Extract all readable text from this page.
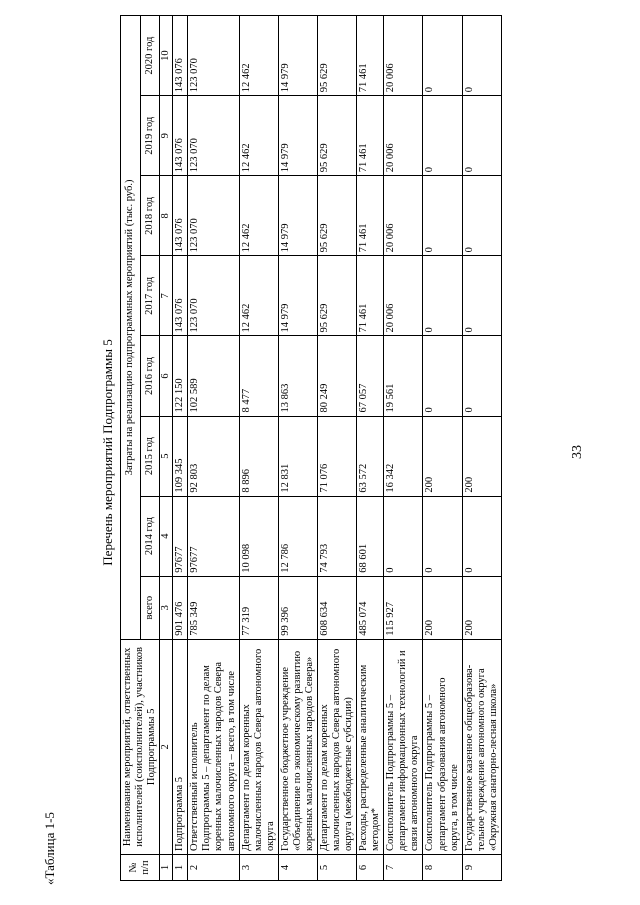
33
«Таблица 1-5
Перечень мероприятий Подпрограммы 5
№ п/п	Наименование мероприятий, ответственных исполнителей (соисполнителей), участников Подпрограммы 5	Затраты на реализацию подпрограммных мероприятий (тыс. руб.)							
		всего	2014 год	2015 год	2016 год	2017 год	2018 год	2019 год	2020 год
1	2	3	4	5	6	7	8	9	10
1	Подпрограмма 5	901 476	97677	109 345	122 150	143 076	143 076	143 076	143 076
2	Ответственный исполнитель Подпрограммы 5 – департамент по делам коренных малочисленных народов Севера автономного округа – всего, в том числе	785 349	97677	92 803	102 589	123 070	123 070	123 070	123 070
3	Департамент по делам коренных малочисленных народов Севера автономного округа	77 319	10 098	8 896	8 477	12 462	12 462	12 462	12 462
4	Государственное бюджетное учреждение «Объединение по экономическому развитию коренных малочисленных народов Севера»	99 396	12 786	12 831	13 863	14 979	14 979	14 979	14 979
5	Департамент по делам коренных малочисленных народов Севера автономного округа (межбюджетные субсидии)	608 634	74 793	71 076	80 249	95 629	95 629	95 629	95 629
6	Расходы, распределенные аналитическим методом*	485 074	68 601	63 572	67 057	71 461	71 461	71 461	71 461
7	Соисполнитель Подпрограммы 5 – департамент информационных технологий и связи автономного округа	115 927	0	16 342	19 561	20 006	20 006	20 006	20 006
8	Соисполнитель Подпрограммы 5 – департамент образования автономного округа, в том числе	200	0	200	0	0	0	0	0
9	Государственное казенное общеобразова-тельное учреждение автономного округа «Окружная санаторно-лесная школа»	200	0	200	0	0	0	0	0
